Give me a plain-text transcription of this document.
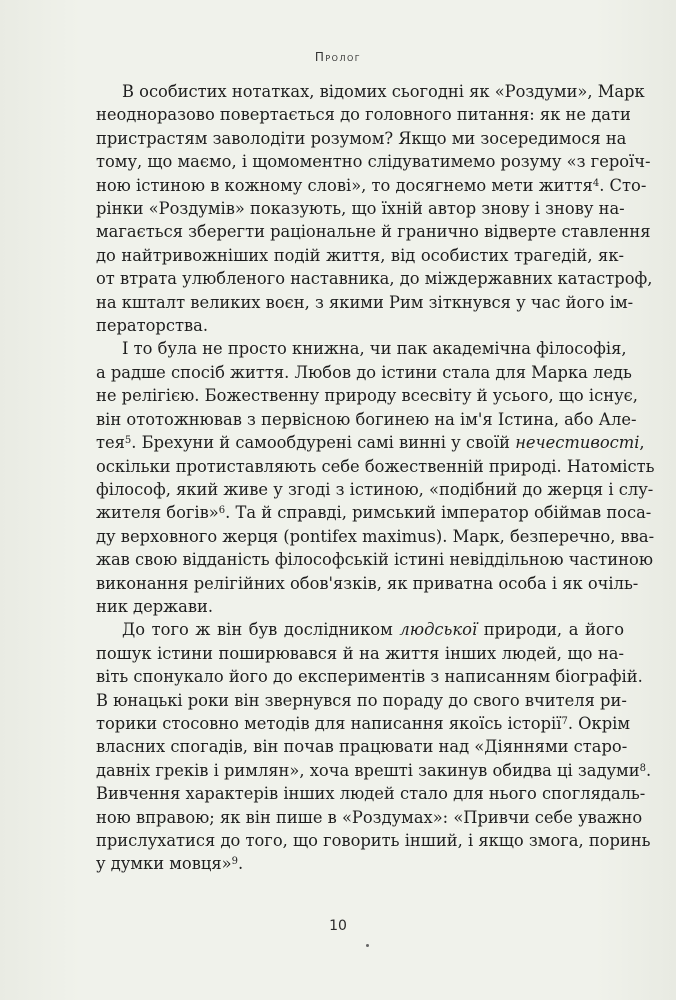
Пролог

В особистих нотатках, відомих сьогодні як «Роздуми», Марк
неодноразово повертається до головного питання: як не дати
пристрастям заволодіти розумом? Якщо ми зосередимося на
тому, що маємо, і щомоментно слідуватимемо розуму «з героїч-
ною істиною в кожному слові», то досягнемо мети життя$^4$. Сто-
рінки «Роздумів» показують, що їхній автор знову і знову на-
магається зберегти раціональне й гранично відверте ставлення
до найтривожніших подій життя, від особистих трагедій, як-
от втрата улюбленого наставника, до міждержавних катастроф,
на кшталт великих воєн, з якими Рим зіткнувся у час його ім-
ператорства.

І то була не просто книжна, чи пак академічна філософія,
а радше спосіб життя. Любов до істини стала для Марка ледь
не релігією. Божественну природу всесвіту й усього, що існує,
він ототожнював з первісною богинею на ім'я Істина, або Але-
тея$^5$. Брехуни й самообдурені самі винні у своїй нечестивості,
оскільки протиставляють себе божественній природі. Натомість
філософ, який живе у згоді з істиною, «подібний до жерця і слу-
жителя богів»$^6$. Та й справді, римський імператор обіймав поса-
ду верховного жерця (pontifex maximus). Марк, безперечно, вва-
жав свою відданість філософській істині невіддільною частиною
виконання релігійних обов'язків, як приватна особа і як очіль-
ник держави.

До того ж він був дослідником людської природи, а його
пошук істини поширювався й на життя інших людей, що на-
віть спонукало його до експериментів з написанням біографій.
В юнацькі роки він звернувся по пораду до свого вчителя ри-
торики стосовно методів для написання якоїсь історії$^7$. Окрім
власних спогадів, він почав працювати над «Діяннями старо-
давніх греків і римлян», хоча врешті закинув обидва ці задуми$^8$.
Вивчення характерів інших людей стало для нього споглядаль-
ною вправою; як він пише в «Роздумах»: «Привчи себе уважно
прислухатися до того, що говорить інший, і якщо змога, поринь
у думки мовця»$^9$.

10
